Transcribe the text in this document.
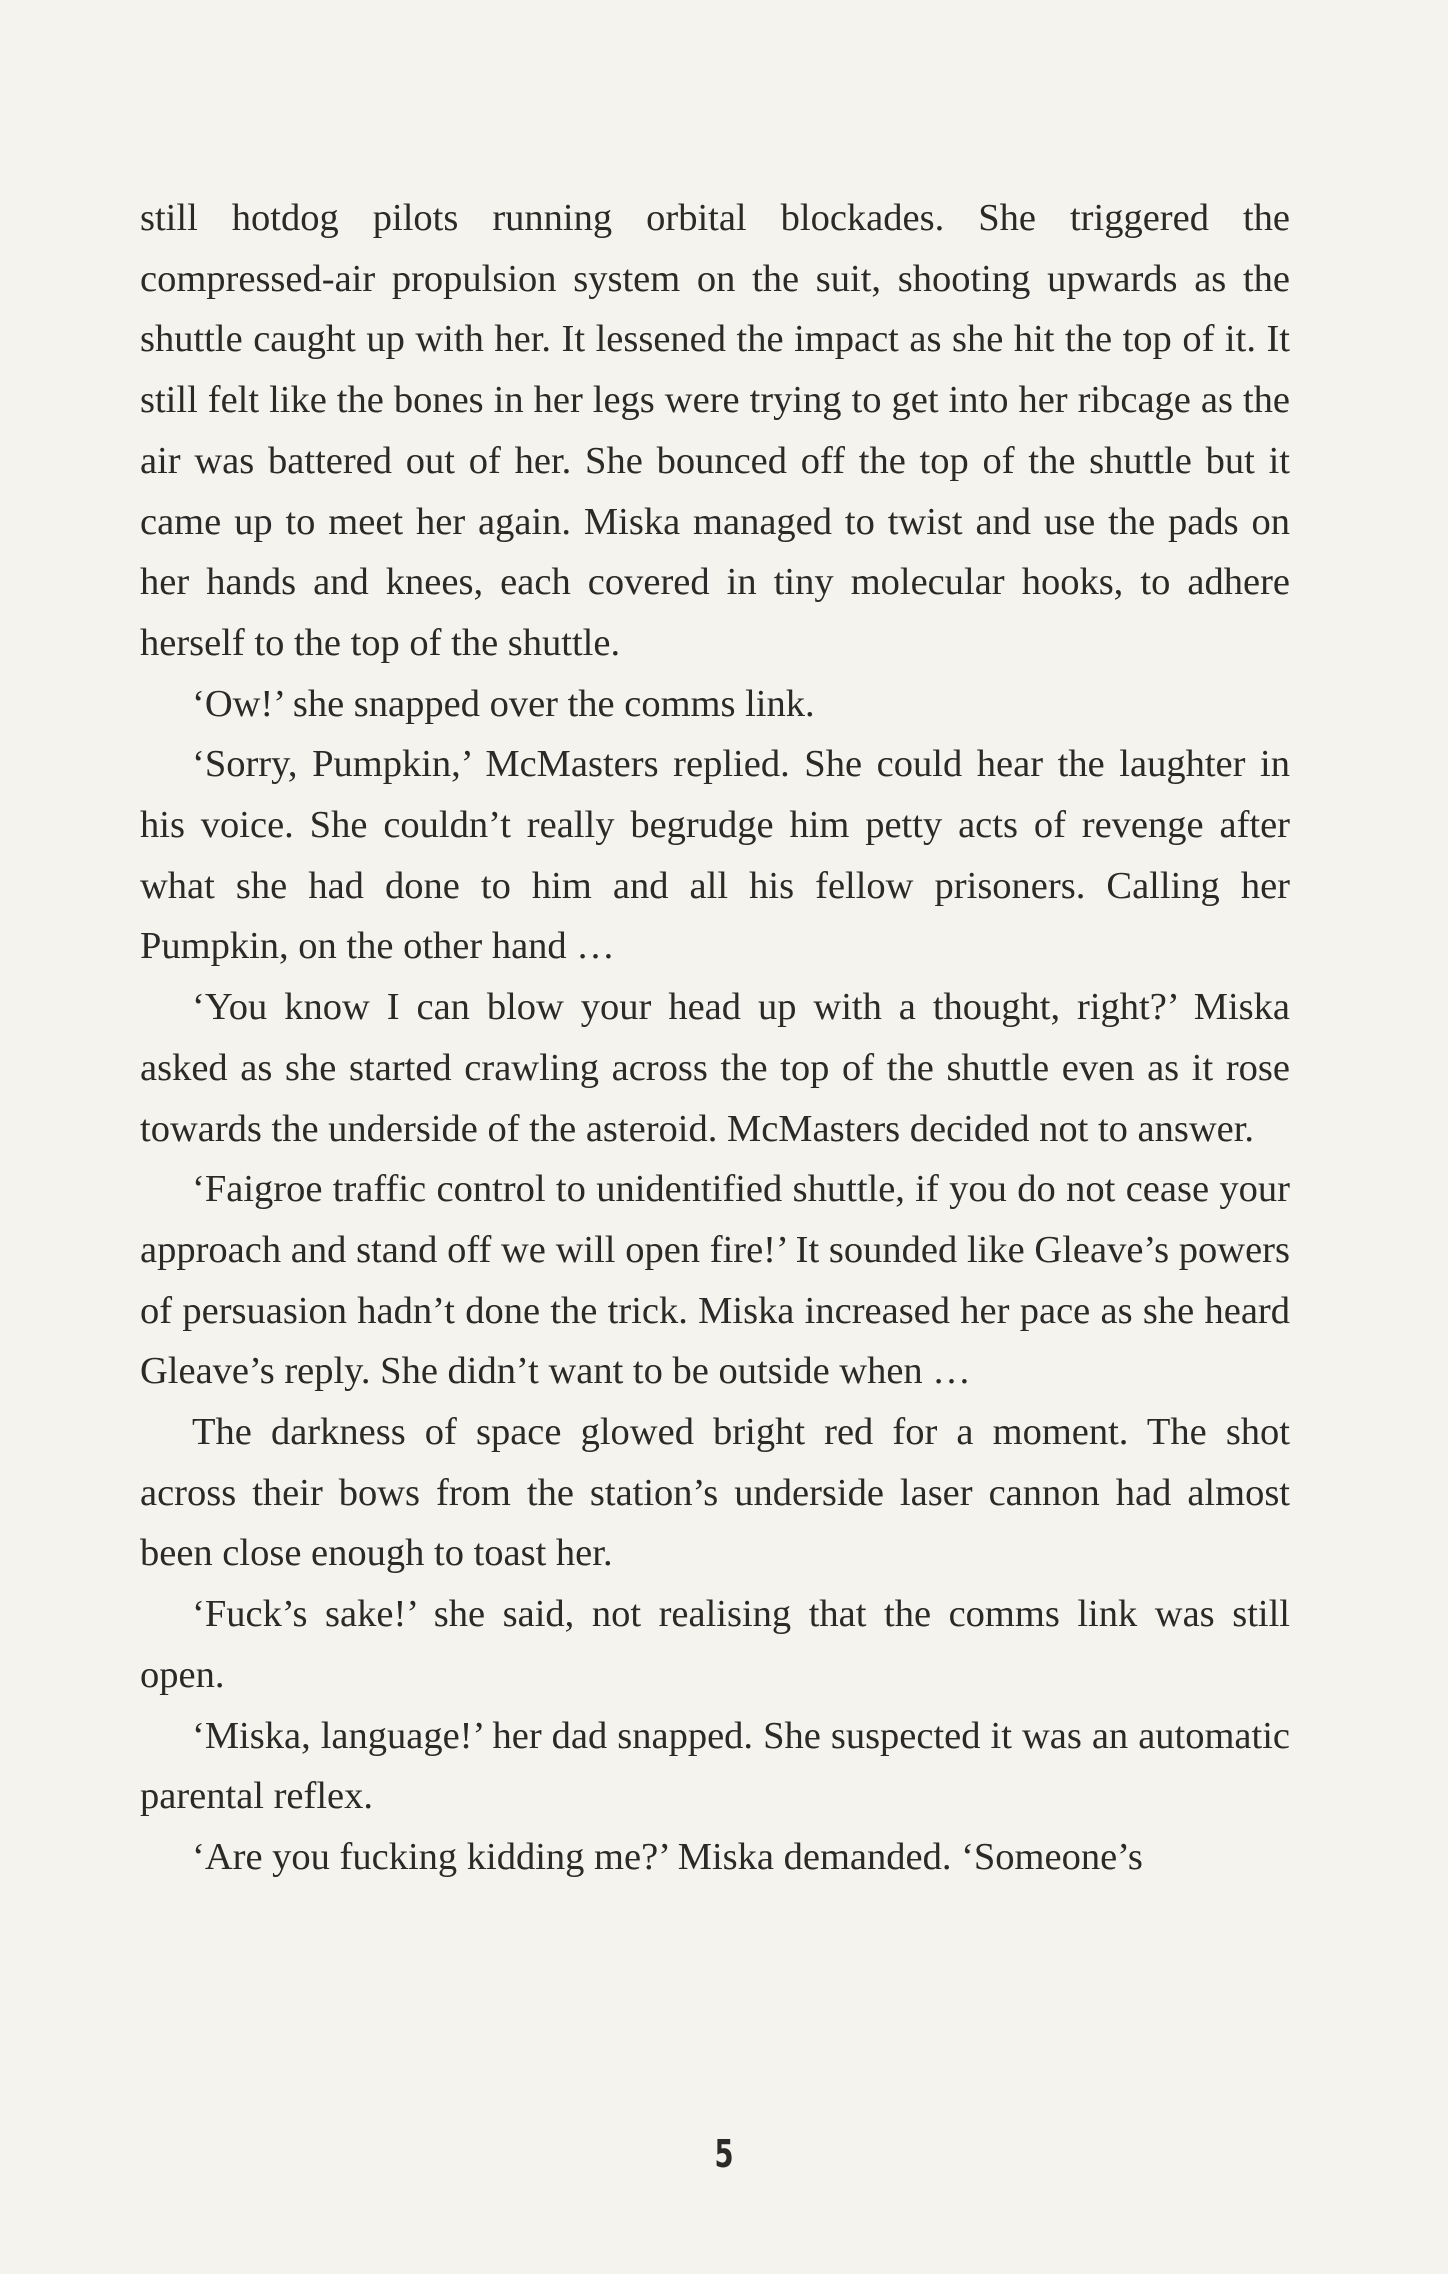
still hotdog pilots running orbital blockades. She triggered the compressed-air propulsion system on the suit, shooting upwards as the shuttle caught up with her. It lessened the impact as she hit the top of it. It still felt like the bones in her legs were trying to get into her ribcage as the air was battered out of her. She bounced off the top of the shuttle but it came up to meet her again. Miska managed to twist and use the pads on her hands and knees, each covered in tiny molecular hooks, to adhere herself to the top of the shuttle.

‘Ow!’ she snapped over the comms link.

‘Sorry, Pumpkin,’ McMasters replied. She could hear the laughter in his voice. She couldn’t really begrudge him petty acts of revenge after what she had done to him and all his fellow prisoners. Calling her Pumpkin, on the other hand …

‘You know I can blow your head up with a thought, right?’ Miska asked as she started crawling across the top of the shuttle even as it rose towards the underside of the asteroid. McMasters decided not to answer.

‘Faigroe traffic control to unidentified shuttle, if you do not cease your approach and stand off we will open fire!’ It sounded like Gleave’s powers of persuasion hadn’t done the trick. Miska increased her pace as she heard Gleave’s reply. She didn’t want to be outside when …

The darkness of space glowed bright red for a moment. The shot across their bows from the station’s underside laser cannon had almost been close enough to toast her.

‘Fuck’s sake!’ she said, not realising that the comms link was still open.

‘Miska, language!’ her dad snapped. She suspected it was an automatic parental reflex.

‘Are you fucking kidding me?’ Miska demanded. ‘Someone’s

5
